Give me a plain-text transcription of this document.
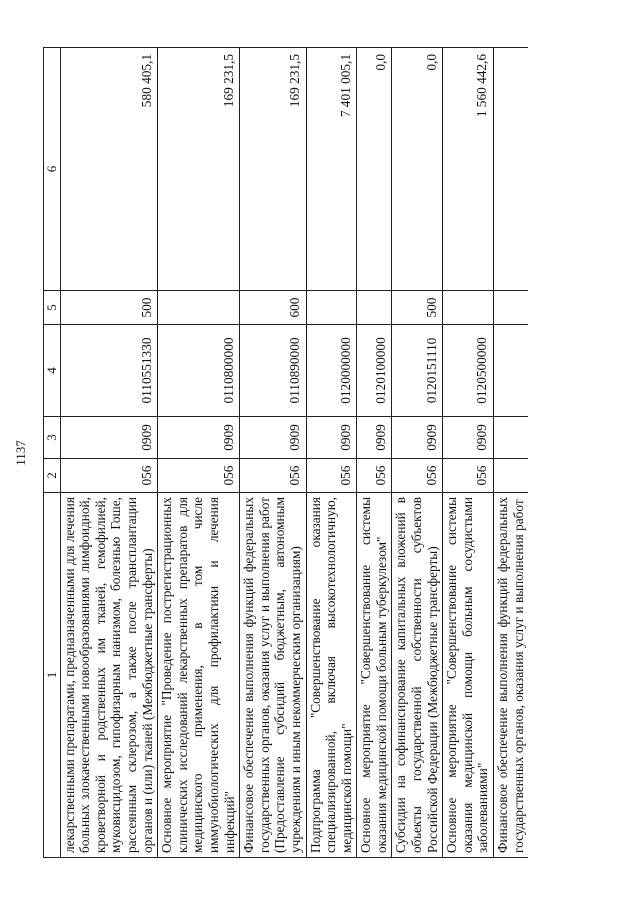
1137
1	2	3	4	5	6
лекарственными препаратами, предназначенными для лечения больных злокачественными новообразованиями лимфоидной, кроветворной и родственных им тканей, гемофилией, муковисцидозом, гипофизарным нанизмом, болезнью Гоше, рассеянным склерозом, а также после трансплантации органов и (или) тканей (Межбюджетные трансферты)	056	0909	0110551330	500	580 405,1
Основное мероприятие "Проведение пострегистрационных клинических исследований лекарственных препаратов для медицинского применения, в том числе иммунобиологических для профилактики и лечения инфекций"	056	0909	0110800000		169 231,5
Финансовое обеспечение выполнения функций федеральных государственных органов, оказания услуг и выполнения работ (Предоставление субсидий бюджетным, автономным учреждениям и иным некоммерческим организациям)	056	0909	0110890000	600	169 231,5
Подпрограмма "Совершенствование оказания специализированной, включая высокотехнологичную, медицинской помощи"	056	0909	0120000000		7 401 005,1
Основное мероприятие "Совершенствование системы оказания медицинской помощи больным туберкулезом"	056	0909	0120100000		0,0
Субсидии на софинансирование капитальных вложений в объекты государственной собственности субъектов Российской Федерации (Межбюджетные трансферты)	056	0909	0120151110	500	0,0
Основное мероприятие "Совершенствование системы оказания медицинской помощи больным сосудистыми заболеваниями"	056	0909	0120500000		1 560 442,6
Финансовое обеспечение выполнения функций федеральных государственных органов, оказания услуг и выполнения работ					
